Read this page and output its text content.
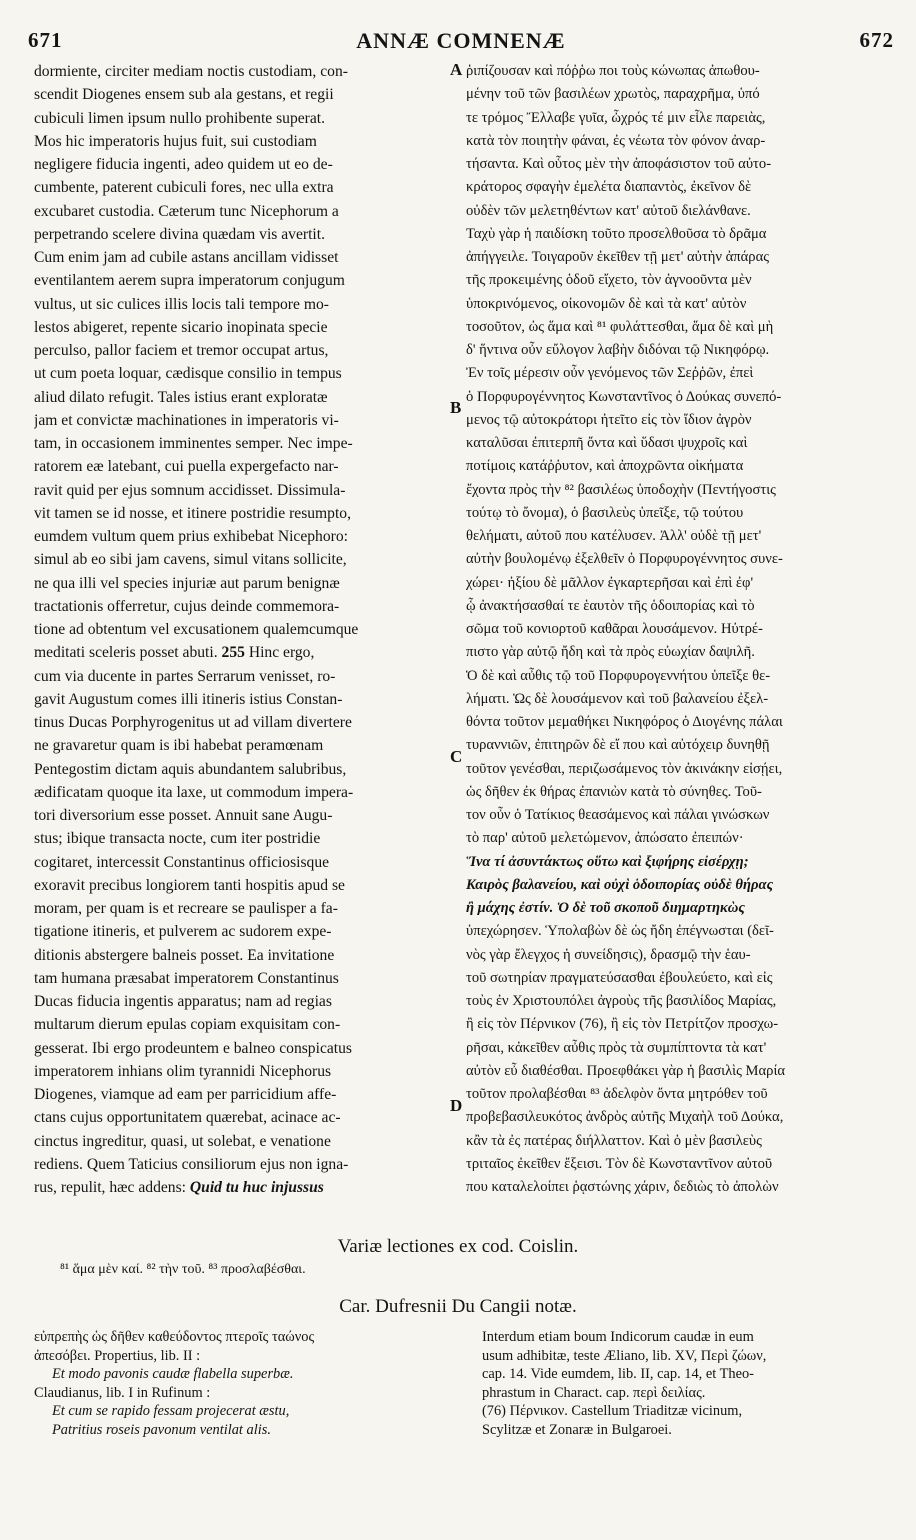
671	ANNÆ COMNENÆ	672
dormiente, circiter mediam noctis custodiam, con-
scendit Diogenes ensem sub ala gestans, et regii
cubiculi limen ipsum nullo prohibente superat.
Mos hic imperatoris hujus fuit, sui custodiam
negligere fiducia ingenti, adeo quidem ut eo de-
cumbente, paterent cubiculi fores, nec ulla extra
excubaret custodia. Cæterum tunc Nicephorum a
perpetrando scelere divina quædam vis avertit.
Cum enim jam ad cubile astans ancillam vidisset
eventilantem aerem supra imperatorum conjugum
vultus, ut sic culices illis locis tali tempore mo-
lestos abigeret, repente sicario inopinata specie
perculso, pallor faciem et tremor occupat artus,
ut cum poeta loquar, cædisque consilio in tempus
aliud dilato refugit. Tales istius erant exploratæ
jam et convictæ machinationes in imperatoris vi-
tam, in occasionem imminentes semper. Nec impe-
ratorem eæ latebant, cui puella expergefacto nar-
ravit quid per ejus somnum accidisset. Dissimula-
vit tamen se id nosse, et itinere postridie resumpto,
eumdem vultum quem prius exhibebat Nicephoro:
simul ab eo sibi jam cavens, simul vitans sollicite,
ne qua illi vel species injuriæ aut parum benignæ
tractationis offerretur, cujus deinde commemora-
tione ad obtentum vel excusationem qualemcumque
meditati sceleris posset abuti. 255 Hinc ergo,
cum via ducente in partes Serrarum venisset, ro-
gavit Augustum comes illi itineris istius Constan-
tinus Ducas Porphyrogenitus ut ad villam divertere
ne gravaretur quam is ibi habebat peramœnam
Pentegostim dictam aquis abundantem salubribus,
ædificatam quoque ita laxe, ut commodum impera-
tori diversorium esse posset. Annuit sane Augu-
stus; ibique transacta nocte, cum iter postridie
cogitaret, intercessit Constantinus officiosisque
exoravit precibus longiorem tanti hospitis apud se
moram, per quam is et recreare se paulisper a fa-
tigatione itineris, et pulverem ac sudorem expe-
ditionis abstergere balneis posset. Ea invitatione
tam humana præsabat imperatorem Constantinus
Ducas fiducia ingentis apparatus; nam ad regias
multarum dierum epulas copiam exquisitam con-
gesserat. Ibi ergo prodeuntem e balneo conspicatus
imperatorem inhians olim tyrannidi Nicephorus
Diogenes, viamque ad eam per parricidium affe-
ctans cujus opportunitatem quærebat, acinace ac-
cinctus ingreditur, quasi, ut solebat, e venatione
rediens. Quem Taticius consiliorum ejus non igna-
rus, repulit, hæc addens: Quid tu huc injussus
ῥιπίζουσαν καὶ πόῤῥω ποι τοὺς κώνωπας ἀπωθου-
μένην τοῦ τῶν βασιλέων χρωτὸς, παραχρῆμα, ὑπό
τε τρόμος Ἔλλαβε γυῖα, ὦχρός τέ μιν εἷλε παρειὰς,
κατὰ τὸν ποιητὴν φάναι, ἐς νέωτα τὸν φόνον ἀναρ-
τήσαντα. Καὶ οὗτος μὲν τὴν ἀποφάσιστον τοῦ αὐτο-
κράτορος σφαγὴν ἐμελέτα διαπαντὸς, ἐκεῖνον δὲ
οὐδὲν τῶν μελετηθέντων κατ' αὐτοῦ διελάνθανε.
Ταχὺ γὰρ ἡ παιδίσκη τοῦτο προσελθοῦσα τὸ δρᾶμα
ἀπήγγειλε. Τοιγαροῦν ἐκεῖθεν τῇ μετ' αὐτὴν ἀπάρας
τῆς προκειμένης ὁδοῦ εἴχετο, τὸν ἀγνοοῦντα μὲν
ὑποκρινόμενος, οἰκονομῶν δὲ καὶ τὰ κατ' αὐτὸν
τοσοῦτον, ὡς ἅμα καὶ ⁸¹ φυλάττεσθαι, ἅμα δὲ καὶ μὴ
δ' ἥντινα οὖν εὔλογον λαβὴν διδόναι τῷ Νικηφόρῳ.
Ἐν τοῖς μέρεσιν οὖν γενόμενος τῶν Σεῤῥῶν, ἐπεὶ
ὁ Πορφυρογέννητος Κωνσταντῖνος ὁ Δούκας συνεπό-
μενος τῷ αὐτοκράτορι ἠτεῖτο εἰς τὸν ἴδιον ἀγρὸν
καταλῦσαι ἐπιτερπῆ ὄντα καὶ ὕδασι ψυχροῖς καὶ
ποτίμοις κατάῤῥυτον, καὶ ἀποχρῶντα οἰκήματα
ἔχοντα πρὸς τὴν ⁸² βασιλέως ὑποδοχὴν (Πεντήγοστις
τούτῳ τὸ ὄνομα), ὁ βασιλεὺς ὑπεῖξε, τῷ τούτου
θελήματι, αὐτοῦ που κατέλυσεν. Ἀλλ' οὐδὲ τῇ μετ'
αὐτὴν βουλομένῳ ἐξελθεῖν ὁ Πορφυρογέννητος συνε-
χώρει· ἠξίου δὲ μᾶλλον ἐγκαρτερῆσαι καὶ ἐπὶ ἐφ'
ᾧ ἀνακτήσασθαί τε ἑαυτὸν τῆς ὁδοιπορίας καὶ τὸ
σῶμα τοῦ κονιορτοῦ καθᾶραι λουσάμενον. Ηὐτρέ-
πιστο γὰρ αὐτῷ ἤδη καὶ τὰ πρὸς εὐωχίαν δαψιλῆ.
Ὁ δὲ καὶ αὖθις τῷ τοῦ Πορφυρογεννήτου ὑπεῖξε θε-
λήματι. Ὡς δὲ λουσάμενον καὶ τοῦ βαλανείου ἐξελ-
θόντα τοῦτον μεμαθήκει Νικηφόρος ὁ Διογένης πάλαι
τυραννιῶν, ἐπιτηρῶν δὲ εἴ που καὶ αὐτόχειρ δυνηθῇ
τοῦτον γενέσθαι, περιζωσάμενος τὸν ἀκινάκην εἰσῄει,
ὡς δῆθεν ἐκ θήρας ἐπανιὼν κατὰ τὸ σύνηθες. Τοῦ-
τον οὖν ὁ Τατίκιος θεασάμενος καὶ πάλαι γινώσκων
τὸ παρ' αὐτοῦ μελετώμενον, ἀπώσατο ἐπειπών·
Ἵνα τί ἀσυντάκτως οὕτω καὶ ξιφήρης εἰσέρχῃ;
Καιρὸς βαλανείου, καὶ οὐχὶ ὁδοιπορίας οὐδὲ θήρας
ἢ μάχης ἐστίν. Ὁ δὲ τοῦ σκοποῦ διημαρτηκὼς
ὑπεχώρησεν. Ὑπολαβὼν δὲ ὡς ἤδη ἐπέγνωσται (δεῖ-
νὸς γὰρ ἔλεγχος ἡ συνείδησις), δρασμῷ τὴν ἑαυ-
τοῦ σωτηρίαν πραγματεύσασθαι ἐβουλεύετο, καὶ εἰς
τοὺς ἐν Χριστουπόλει ἀγροὺς τῆς βασιλίδος Μαρίας,
ἢ εἰς τὸν Πέρνικον (76), ἢ εἰς τὸν Πετρίτζον προσχω-
ρῆσαι, κἀκεῖθεν αὖθις πρὸς τὰ συμπίπτοντα τὰ κατ'
αὐτὸν εὖ διαθέσθαι. Προεφθάκει γὰρ ἡ βασιλὶς Μαρία
τοῦτον προλαβέσθαι ⁸³ ἀδελφὸν ὄντα μητρόθεν τοῦ
προβεβασιλευκότος ἀνδρὸς αὐτῆς Μιχαὴλ τοῦ Δούκα,
κἂν τὰ ἐς πατέρας διήλλαττον. Καὶ ὁ μὲν βασιλεὺς
τριταῖος ἐκεῖθεν ἔξεισι. Τὸν δὲ Κωνσταντῖνον αὐτοῦ
που καταλελοίπει ῥᾳστώνης χάριν, δεδιὼς τὸ ἀπολὼν
A
B
C
D
Variæ lectiones ex cod. Coislin.
⁸¹ ἅμα μὲν καί. ⁸² τὴν τοῦ. ⁸³ προσλαβέσθαι.
Car. Dufresnii Du Cangii notæ.
εὐπρεπὴς ὡς δῆθεν καθεύδοντος πτεροῖς ταώνος
ἀπεσόβει. Propertius, lib. II :
Et modo pavonis caudæ flabella superbæ.
Claudianus, lib. I in Rufinum :
Et cum se rapido fessam projecerat æstu,
Patritius roseis pavonum ventilat alis.
Interdum etiam boum Indicorum caudæ in eum
usum adhibitæ, teste Æliano, lib. XV, Περὶ ζώων,
cap. 14. Vide eumdem, lib. II, cap. 14, et Theo-
phrastum in Charact. cap. περὶ δειλίας.
(76) Πέρνικον. Castellum Triaditzæ vicinum,
Scylitzæ et Zonaræ in Bulgaroei.
